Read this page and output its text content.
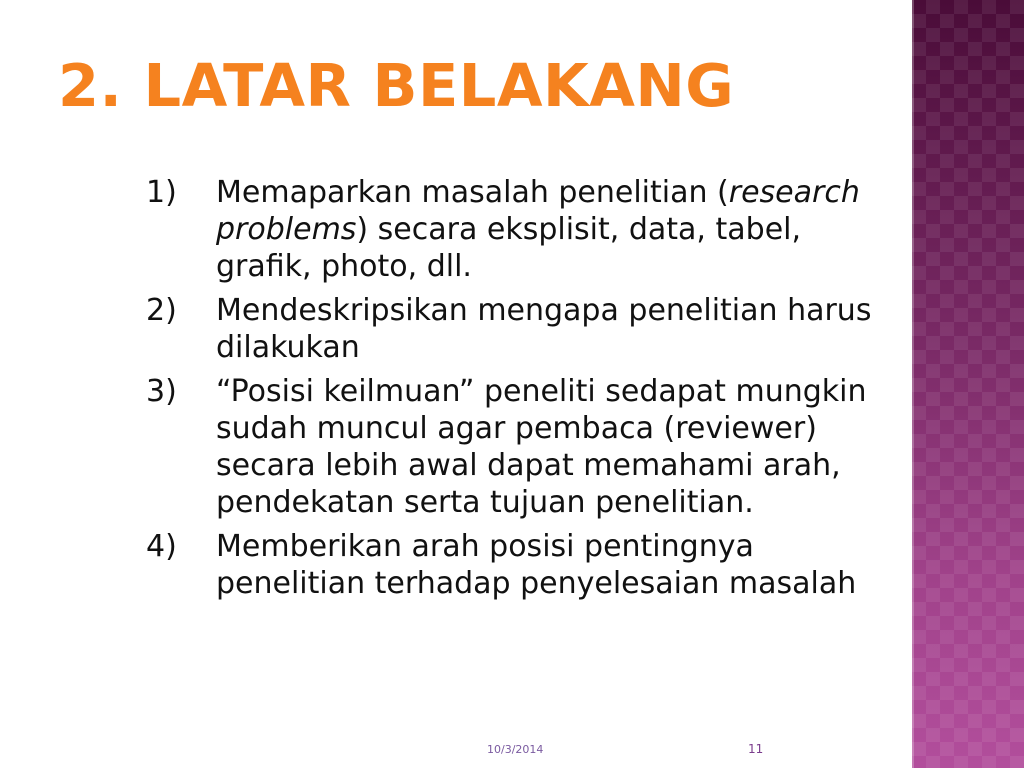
2. LATAR BELAKANG
1)	Memaparkan masalah penelitian (research problems) secara eksplisit, data, tabel, grafik, photo, dll.
2)	Mendeskripsikan mengapa penelitian harus dilakukan
3)	“Posisi keilmuan” peneliti sedapat mungkin sudah muncul agar pembaca (reviewer) secara lebih awal dapat memahami arah, pendekatan serta tujuan penelitian.
4)	Memberikan arah posisi pentingnya penelitian terhadap penyelesaian masalah
10/3/2014	11
